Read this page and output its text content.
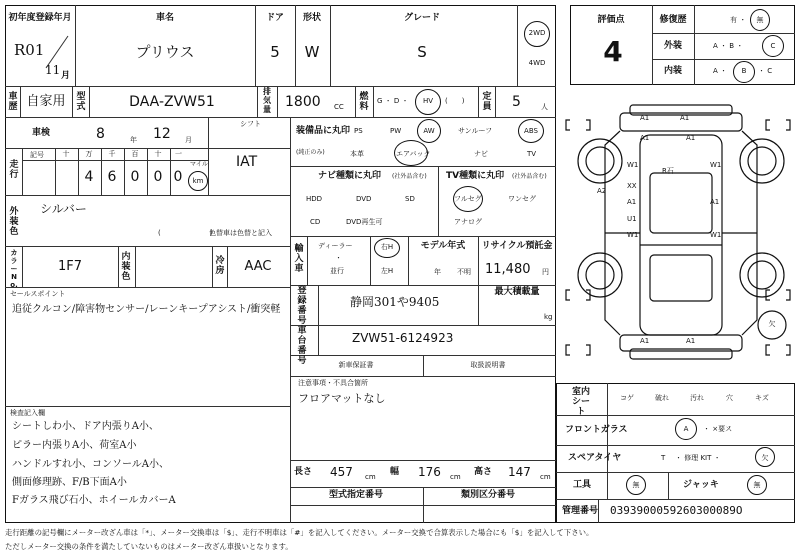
初年度登録年月
R01
11 月
車名
プリウス
ドア
5
形状
W
グレード
S
2WD
4WD
車歴 自家用 型式	DAA-ZVW51
排気量 1800 CC
燃料
G ・ D ・ HV (　　) 定員 5	人
車検	8	年 12 月
シフト
IAT
走行
記号	十 万 千 百 十 一
4 6 0 0 0
マイル
km
装備品に丸印
(純正のみ)
PS	PW	AW	サンルーフ	ABS
本革	エアバック	ナビ	TV
ナビ種類に丸印 (社外品含む)
HDD	DVD	SD
CD	DVD再生可
TV種類に丸印 (社外品含む)
フルセグ	ワンセグ
アナログ
外装色
シルバー
(　　　　　　　)
色替車は色替と記入
輸入車
ディーラー
・
並行
右H
左H
モデル年式
年 不明
リサイクル預託金
11,480 円
カラーNo.
1F7
内装色
冷房 AAC
登録番号
静岡301や9405
最大積載量
kg
車台番号
ZVW51-6124923
新車保証書	取扱説明書
注意事項・不具合箇所
フロアマットなし
セールスポイント
追従クルコン/障害物センサー/レーンキープアシスト/衝突軽
検査記入欄
シートしわ小、ドア内張りA小、
ピラー内張りA小、荷室A小
ハンドルすれ小、コンソールA小、
側面修理跡、F/B下面A小
Fガラス飛び石小、ホイールカバーA
長さ 457 cm 幅 176 cm 高さ 147 cm
型式指定番号	類別区分番号
評価点
4
修復歴	有 ・ 無
外装	A ・ B ・	C
内装	A ・ B ・ C
A1	A1
A1	A1
W1	W1
A2
XX
A1	A1
U1
W1	W1
A1	A1
欠
R石
室内シート
コゲ	破れ	汚れ	穴	キズ
フロントガラス	A ・ ×要ス
スペアタイヤ	T ・ 修理 KIT ・	欠
工具	無	ジャッキ	無
管理番号 0393900059260300089O
走行距離の記号欄にメーター改ざん車は「*」、メーター交換車は「$」、走行不明車は「#」を記入してください。メーター交換で合算表示した場合にも「$」を記入して下さい。
ただしメーター交換の条件を満たしていないものはメーター改ざん車扱いとなります。
